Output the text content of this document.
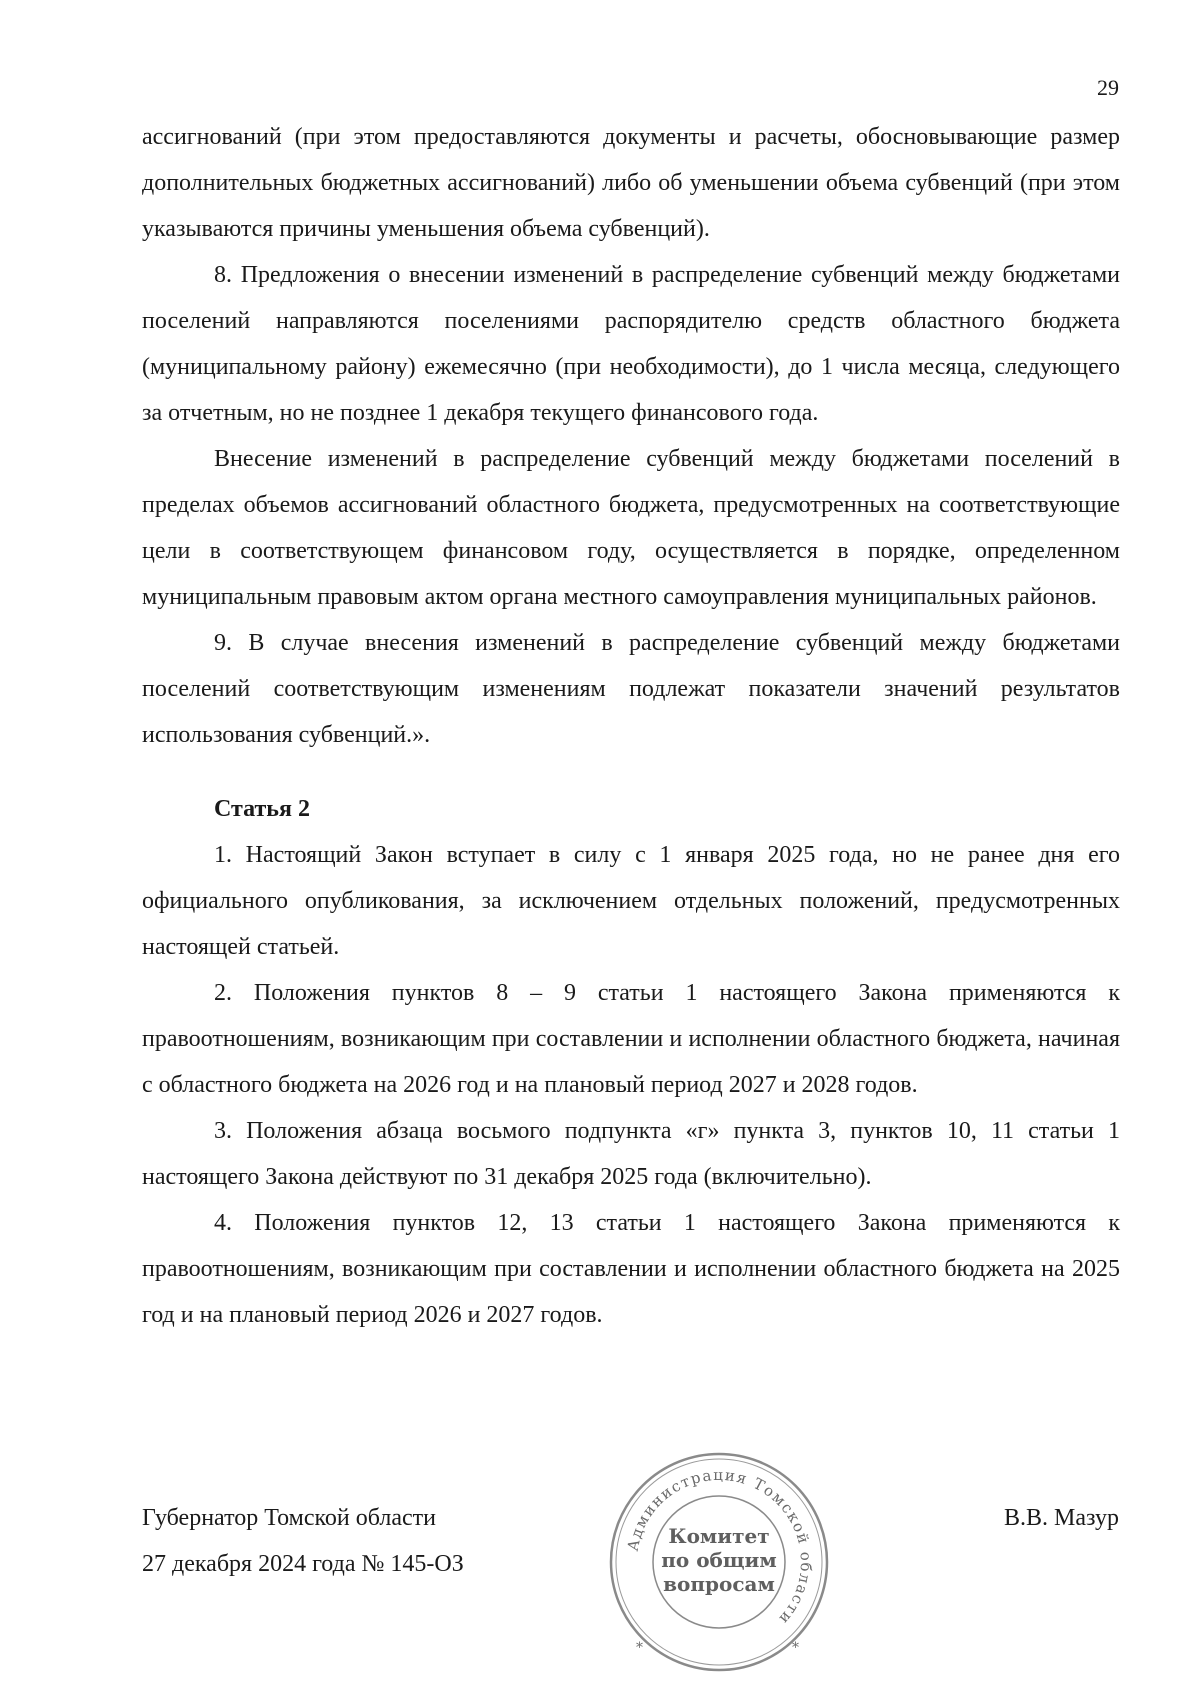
29

ассигнований (при этом предоставляются документы и расчеты, обосновывающие размер дополнительных бюджетных ассигнований) либо об уменьшении объема субвенций (при этом указываются причины уменьшения объема субвенций).

8. Предложения о внесении изменений в распределение субвенций между бюджетами поселений направляются поселениями распорядителю средств областного бюджета (муниципальному району) ежемесячно (при необходимости), до 1 числа месяца, следующего за отчетным, но не позднее 1 декабря текущего финансового года.

Внесение изменений в распределение субвенций между бюджетами поселений в пределах объемов ассигнований областного бюджета, предусмотренных на соответствующие цели в соответствующем финансовом году, осуществляется в порядке, определенном муниципальным правовым актом органа местного самоуправления муниципальных районов.

9. В случае внесения изменений в распределение субвенций между бюджетами поселений соответствующим изменениям подлежат показатели значений результатов использования субвенций.».

Статья 2

1. Настоящий Закон вступает в силу с 1 января 2025 года, но не ранее дня его официального опубликования, за исключением отдельных положений, предусмотренных настоящей статьей.

2. Положения пунктов 8 – 9 статьи 1 настоящего Закона применяются к правоотношениям, возникающим при составлении и исполнении областного бюджета, начиная с областного бюджета на 2026 год и на плановый период 2027 и 2028 годов.

3. Положения абзаца восьмого подпункта «г» пункта 3, пунктов 10, 11 статьи 1 настоящего Закона действуют по 31 декабря 2025 года (включительно).

4. Положения пунктов 12, 13 статьи 1 настоящего Закона применяются к правоотношениям, возникающим при составлении и исполнении областного бюджета на 2025 год и на плановый период 2026 и 2027 годов.

Губернатор Томской области
27 декабря 2024 года № 145-ОЗ
В.В. Мазур
Администрация Томской области
*	*
Комитет
по общим
вопросам
